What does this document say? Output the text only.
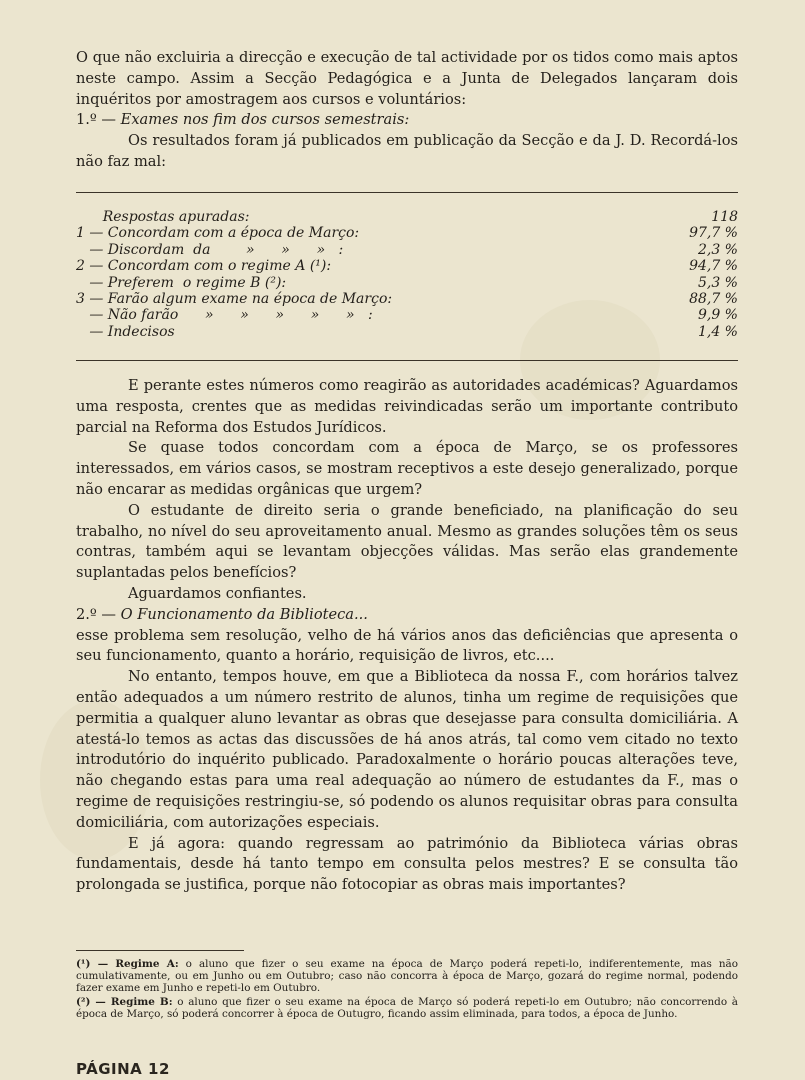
O que não excluiria a direcção e execução de tal actividade por os tidos como mais aptos neste campo. Assim a Secção Pedagógica e a Junta de Delegados lançaram dois inquéritos por amostragem aos cursos e voluntários:

1.º — Exames nos fim dos cursos semestrais:

Os resultados foram já publicados em publicação da Secção e da J. D. Recordá-los não faz mal:

Respostas apuradas:	118
1 — Concordam com a época de Março:	97,7 %
— Discordam  da        »      »      »   :	2,3 %
2 — Concordam com o regime A (¹):	94,7 %
— Preferem  o regime B (²):	5,3 %
3 — Farão algum exame na época de Março:	88,7 %
— Não farão      »      »      »      »      »   :	9,9 %
— Indecisos	1,4 %

E perante estes números como reagirão as autoridades académicas? Aguardamos uma resposta, crentes que as medidas reivindicadas serão um importante contributo parcial na Reforma dos Estudos Jurídicos.

Se quase todos concordam com a época de Março, se os professores interessados, em vários casos, se mostram receptivos a este desejo generalizado, porque não encarar as medidas orgânicas que urgem?

O estudante de direito seria o grande beneficiado, na planificação do seu trabalho, no nível do seu aproveitamento anual. Mesmo as grandes soluções têm os seus contras, também aqui se levantam objecções válidas. Mas serão elas grandemente suplantadas pelos benefícios?

Aguardamos confiantes.

2.º — O Funcionamento da Biblioteca...

esse problema sem resolução, velho de há vários anos das deficiências que apresenta o seu funcionamento, quanto a horário, requisição de livros, etc....

No entanto, tempos houve, em que a Biblioteca da nossa F., com horários talvez então adequados a um número restrito de alunos, tinha um regime de requisições que permitia a qualquer aluno levantar as obras que desejasse para consulta domiciliária. A atestá-lo temos as actas das discussões de há anos atrás, tal como vem citado no texto introdutório do inquérito publicado. Paradoxalmente o horário poucas alterações teve, não chegando estas para uma real adequação ao número de estudantes da F., mas o regime de requisições restringiu-se, só podendo os alunos requisitar obras para consulta domiciliária, com autorizações especiais.

E já agora: quando regressam ao património da Biblioteca várias obras fundamentais, desde há tanto tempo em consulta pelos mestres? E se consulta tão prolongada se justifica, porque não fotocopiar as obras mais importantes?

(¹) — Regime A: o aluno que fizer o seu exame na época de Março poderá repeti-lo, indiferentemente, mas não cumulativamente, ou em Junho ou em Outubro; caso não concorra à época de Março, gozará do regime normal, podendo fazer exame em Junho e repeti-lo em Outubro.
(²) — Regime B: o aluno que fizer o seu exame na época de Março só poderá repeti-lo em Outubro; não concorrendo à época de Março, só poderá concorrer à época de Outugro, ficando assim eliminada, para todos, a época de Junho.
PÁGINA 12
